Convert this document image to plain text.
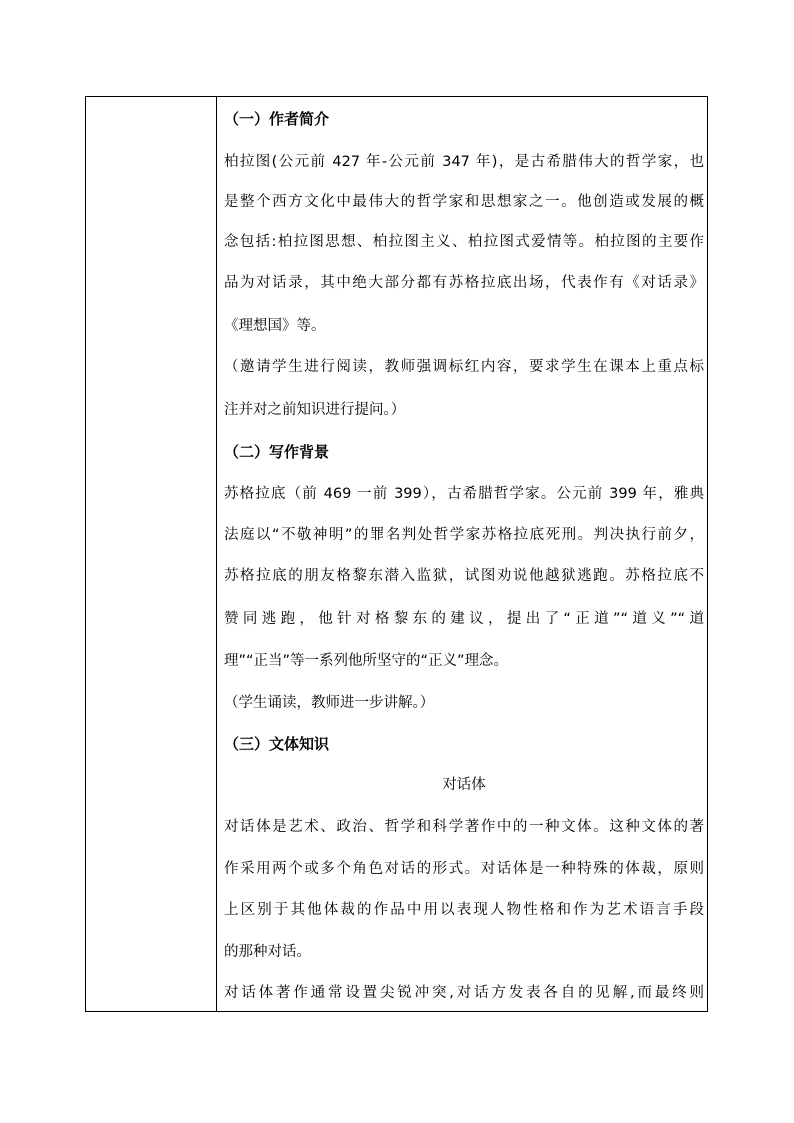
（一）作者简介
柏拉图(公元前 427 年-公元前 347 年)，是古希腊伟大的哲学家，也
是整个西方文化中最伟大的哲学家和思想家之一。他创造或发展的概
念包括:柏拉图思想、柏拉图主义、柏拉图式爱情等。柏拉图的主要作
品为对话录，其中绝大部分都有苏格拉底出场，代表作有《对话录》
《理想国》等。
（邀请学生进行阅读，教师强调标红内容，要求学生在课本上重点标
注并对之前知识进行提问。）
（二）写作背景
苏格拉底（前 469 一前 399），古希腊哲学家。公元前 399 年，雅典
法庭以“不敬神明”的罪名判处哲学家苏格拉底死刑。判决执行前夕，
苏格拉底的朋友格黎东潜入监狱，试图劝说他越狱逃跑。苏格拉底不
赞同逃跑，他针对格黎东的建议，提出了“正道”“道义”“道
理”“正当”等一系列他所坚守的“正义”理念。
（学生诵读，教师进一步讲解。）
（三）文体知识
对话体
对话体是艺术、政治、哲学和科学著作中的一种文体。这种文体的著
作采用两个或多个角色对话的形式。对话体是一种特殊的体裁，原则
上区别于其他体裁的作品中用以表现人物性格和作为艺术语言手段
的那种对话。
对话体著作通常设置尖锐冲突,对话方发表各自的见解,而最终则
